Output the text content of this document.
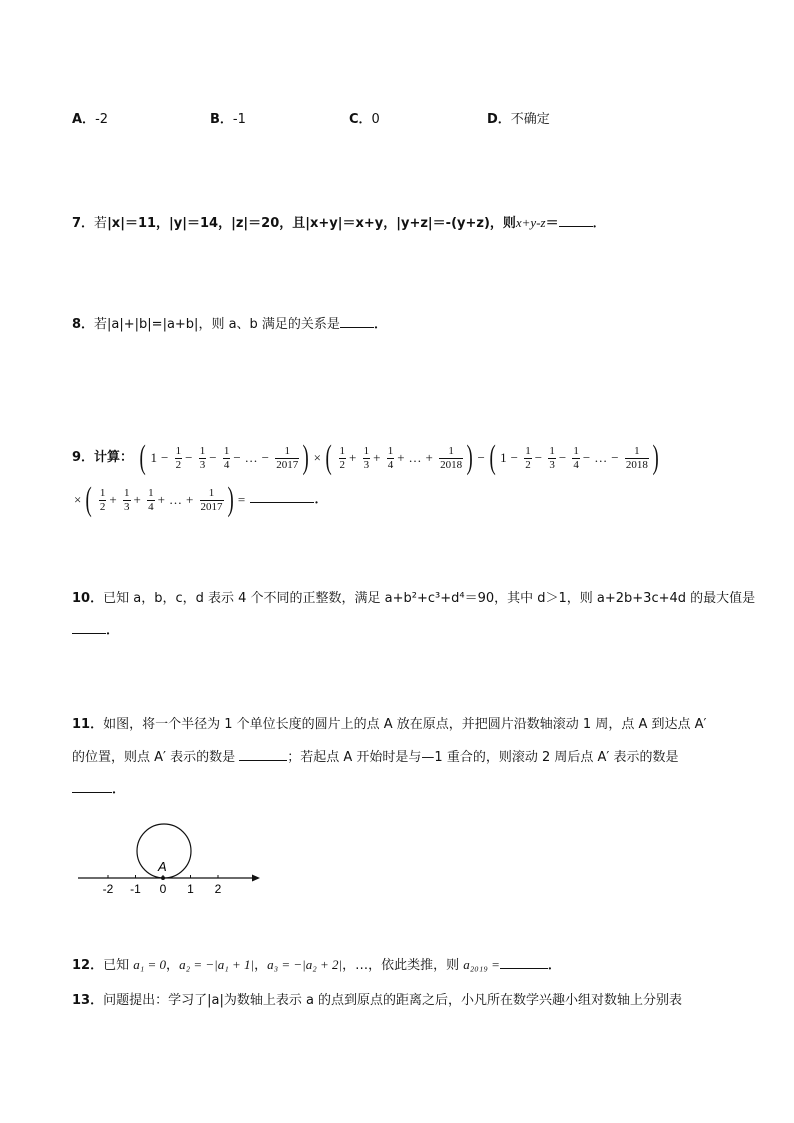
A．-2	B．-1	C．0	D．不确定
7．若|x|＝11，|y|＝14，|z|＝20，且|x+y|＝x+y，|y+z|＝-(y+z)，则x+y-z＝	．
8．若|a|+|b|=|a+b|，则 a、b 满足的关系是	．
9．计算： ( $1 - \frac{1}{2} - \frac{1}{3} - \frac{1}{4}$ − … − $\frac{1}{2017}$ ) × ( $\frac{1}{2} + \frac{1}{3} + \frac{1}{4}$ + … + $\frac{1}{2018}$ ) − ( $1 - \frac{1}{2} - \frac{1}{3} - \frac{1}{4}$ − … − $\frac{1}{2018}$ )
× ( $\frac{1}{2} + \frac{1}{3} + \frac{1}{4}$ + … + $\frac{1}{2017}$ ) =	．
10．已知 a，b，c，d 表示 4 个不同的正整数，满足 a+b²+c³+d⁴＝90，其中 d＞1，则 a+2b+3c+4d 的最大值是
．
11．如图，将一个半径为 1 个单位长度的圆片上的点 A 放在原点，并把圆片沿数轴滚动 1 周，点 A 到达点 A′
的位置，则点 A′ 表示的数是	；若起点 A 开始时是与—1 重合的，则滚动 2 周后点 A′ 表示的数是
．
A
-2 -1 0 1 2
12．已知 a₁ = 0，a₂ = −|a₁ + 1|，a₃ = −|a₂ + 2|，…，依此类推，则 a₂₀₁₉ =	．
13．问题提出：学习了|a|为数轴上表示 a 的点到原点的距离之后，小凡所在数学兴趣小组对数轴上分别表
